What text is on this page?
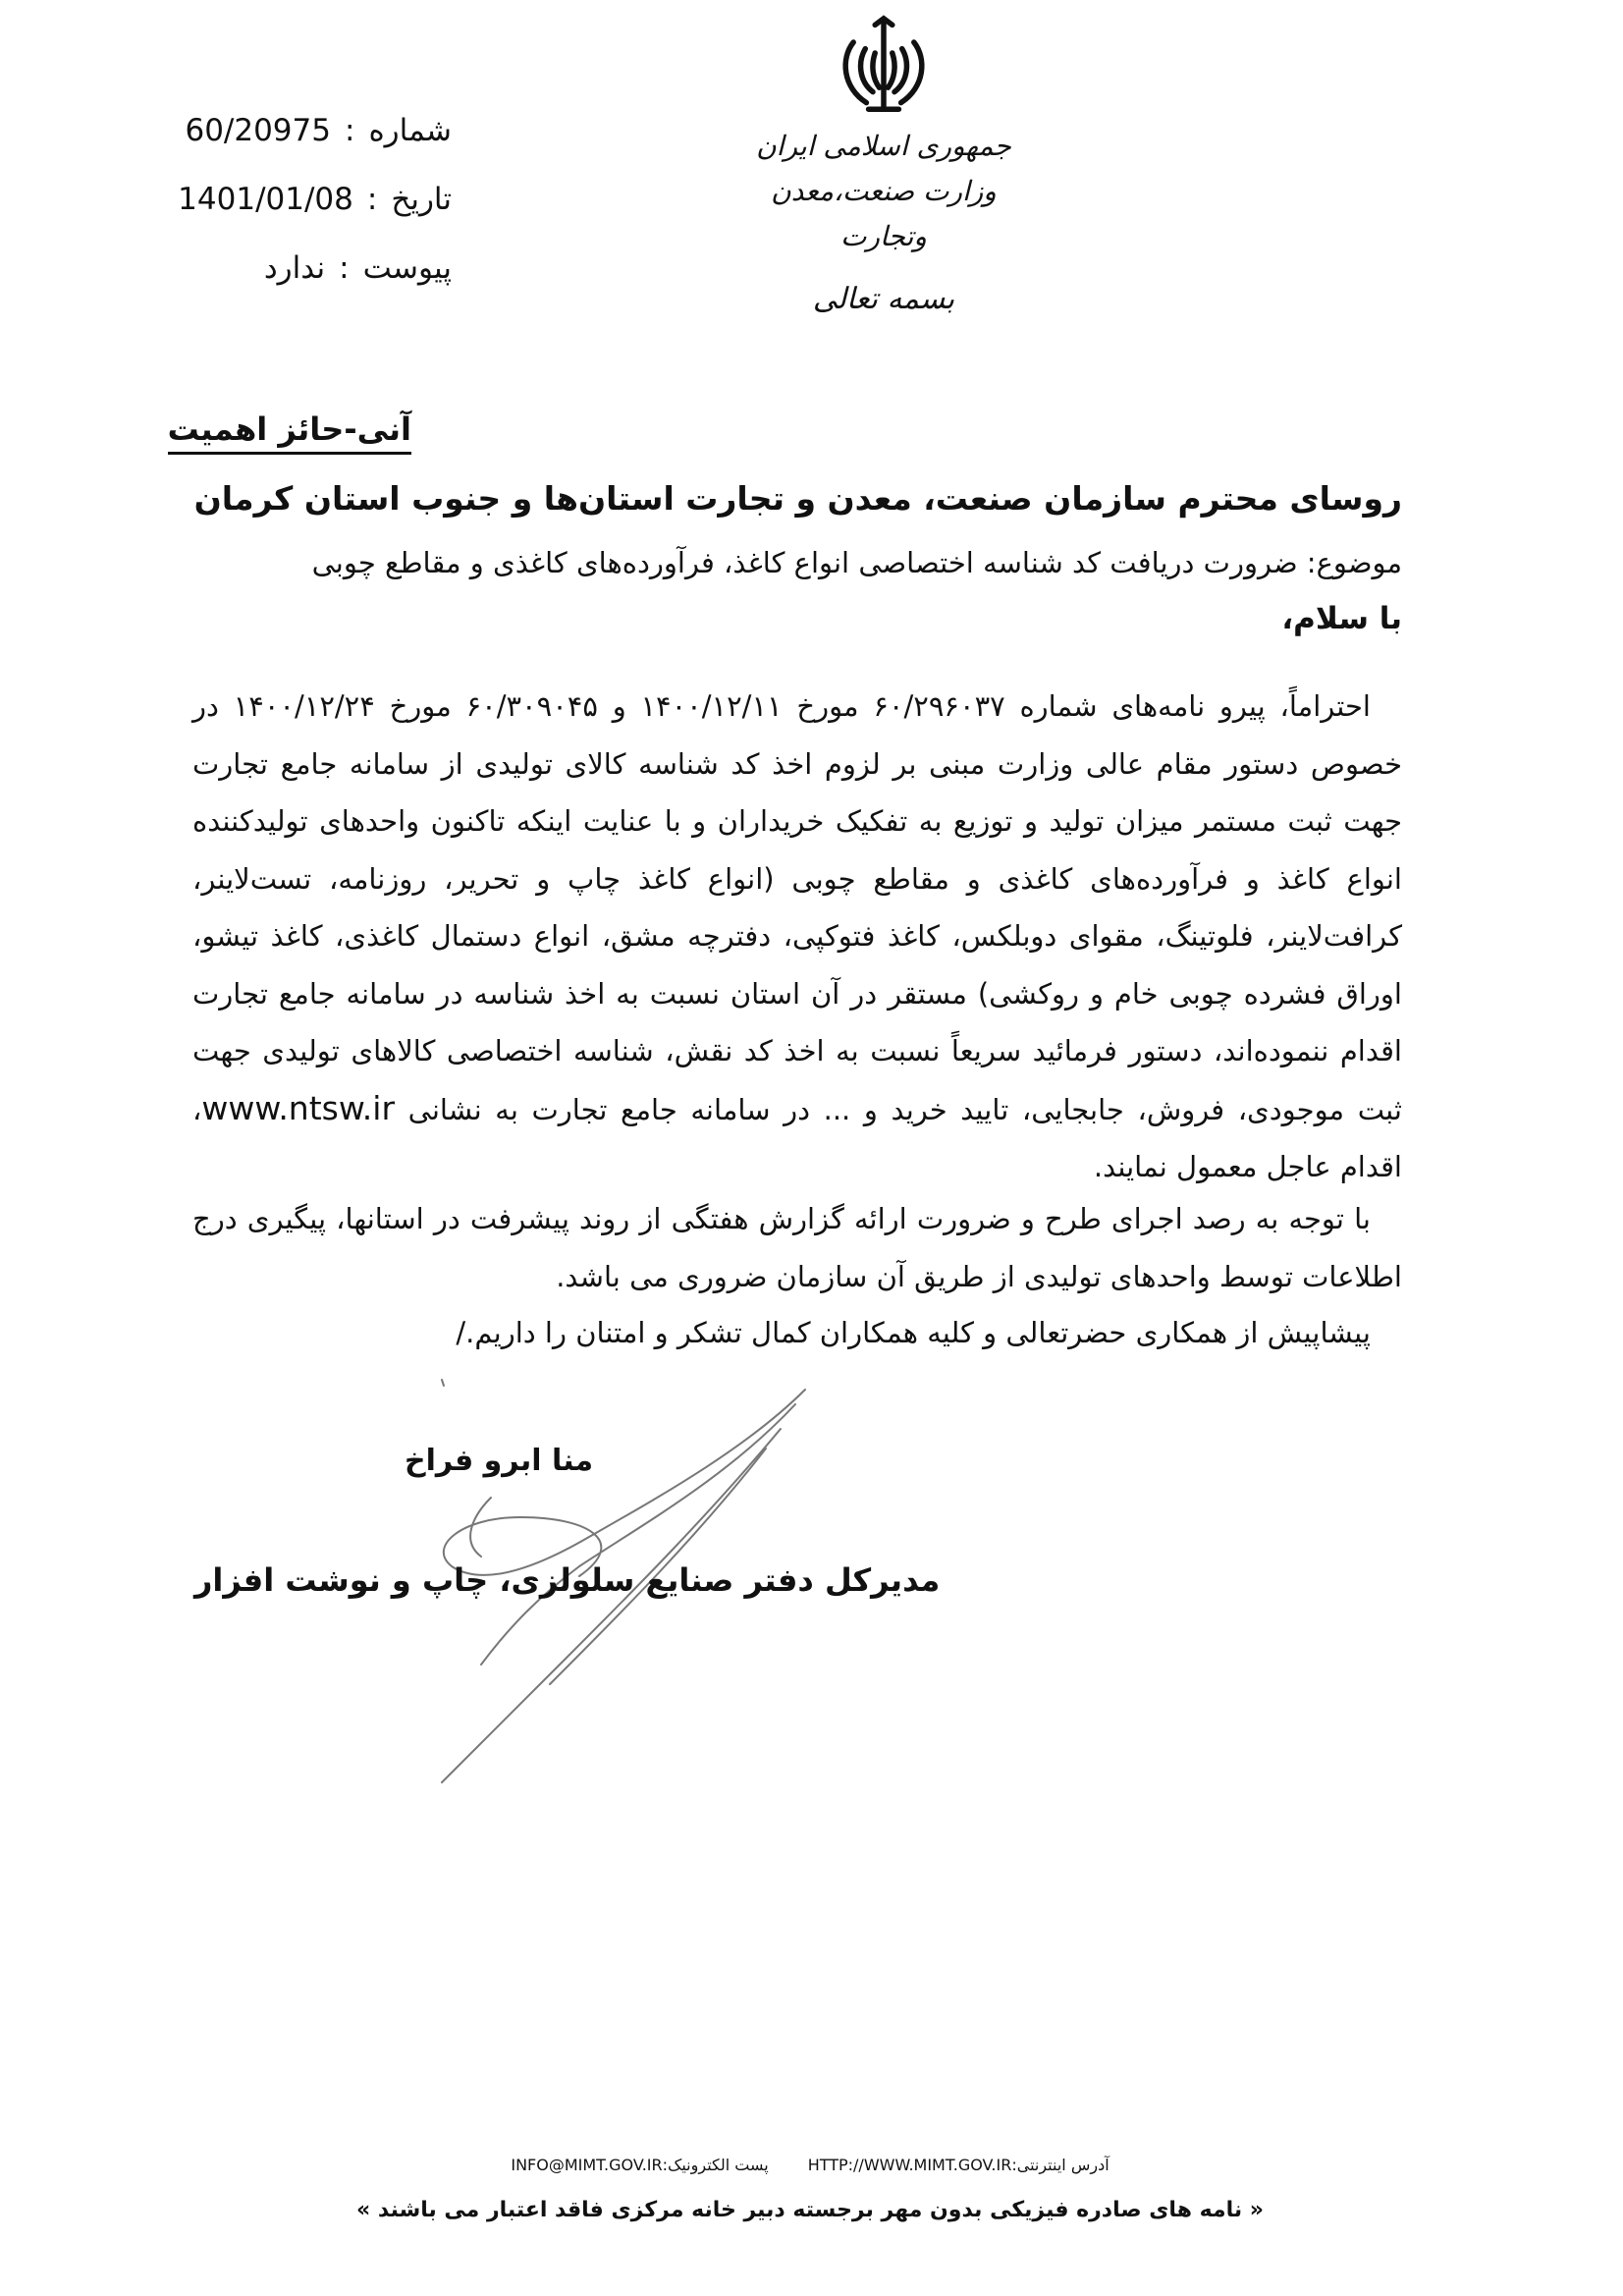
شماره
:
60/20975
تاریخ
:
1401/01/08
پیوست
:
ندارد
جمهوری اسلامی ایران
وزارت صنعت،معدن وتجارت
بسمه تعالی
آنی-حائز اهمیت
روسای محترم سازمان صنعت، معدن و تجارت استان‌ها و جنوب استان کرمان
موضوع: ضرورت دریافت کد شناسه اختصاصی انواع کاغذ، فرآورده‌های کاغذی و مقاطع چوبی
با سلام،

احتراماً، پیرو نامه‌های شماره ۶۰/۲۹۶۰۳۷ مورخ ۱۴۰۰/۱۲/۱۱ و ۶۰/۳۰۹۰۴۵ مورخ ۱۴۰۰/۱۲/۲۴ در خصوص دستور مقام عالی وزارت مبنی بر لزوم اخذ کد شناسه کالای تولیدی از سامانه جامع تجارت جهت ثبت مستمر میزان تولید و توزیع به تفکیک خریداران و با عنایت اینکه تاکنون واحدهای تولیدکننده انواع کاغذ و فرآورده‌های کاغذی و مقاطع چوبی (انواع کاغذ چاپ و تحریر، روزنامه، تست‌لاینر، کرافت‌لاینر، فلوتینگ، مقوای دوبلکس، کاغذ فتوکپی، دفترچه مشق، انواع دستمال کاغذی، کاغذ تیشو، اوراق فشرده چوبی خام و روکشی) مستقر در آن استان نسبت به اخذ شناسه در سامانه جامع تجارت اقدام ننموده‌اند، دستور فرمائید سریعاً نسبت به اخذ کد نقش، شناسه اختصاصی کالاهای تولیدی جهت ثبت موجودی، فروش، جابجایی، تایید خرید و ... در سامانه جامع تجارت به نشانی www.ntsw.ir، اقدام عاجل معمول نمایند.

با توجه به رصد اجرای طرح و ضرورت ارائه گزارش هفتگی از روند پیشرفت در استانها، پیگیری درج اطلاعات توسط واحدهای تولیدی از طریق آن سازمان ضروری می باشد.

پیشاپیش از همکاری حضرتعالی و کلیه همکاران کمال تشکر و امتنان را داریم./

منا ابرو فراخ
مدیرکل دفتر صنایع سلولزی، چاپ و نوشت افزار
آدرس اینترنتی:HTTP://WWW.MIMT.GOV.IR
پست الکترونیک:INFO@MIMT.GOV.IR
« نامه های صادره فیزیکی بدون مهر برجسته دبیر خانه مرکزی فاقد اعتبار می باشند »
